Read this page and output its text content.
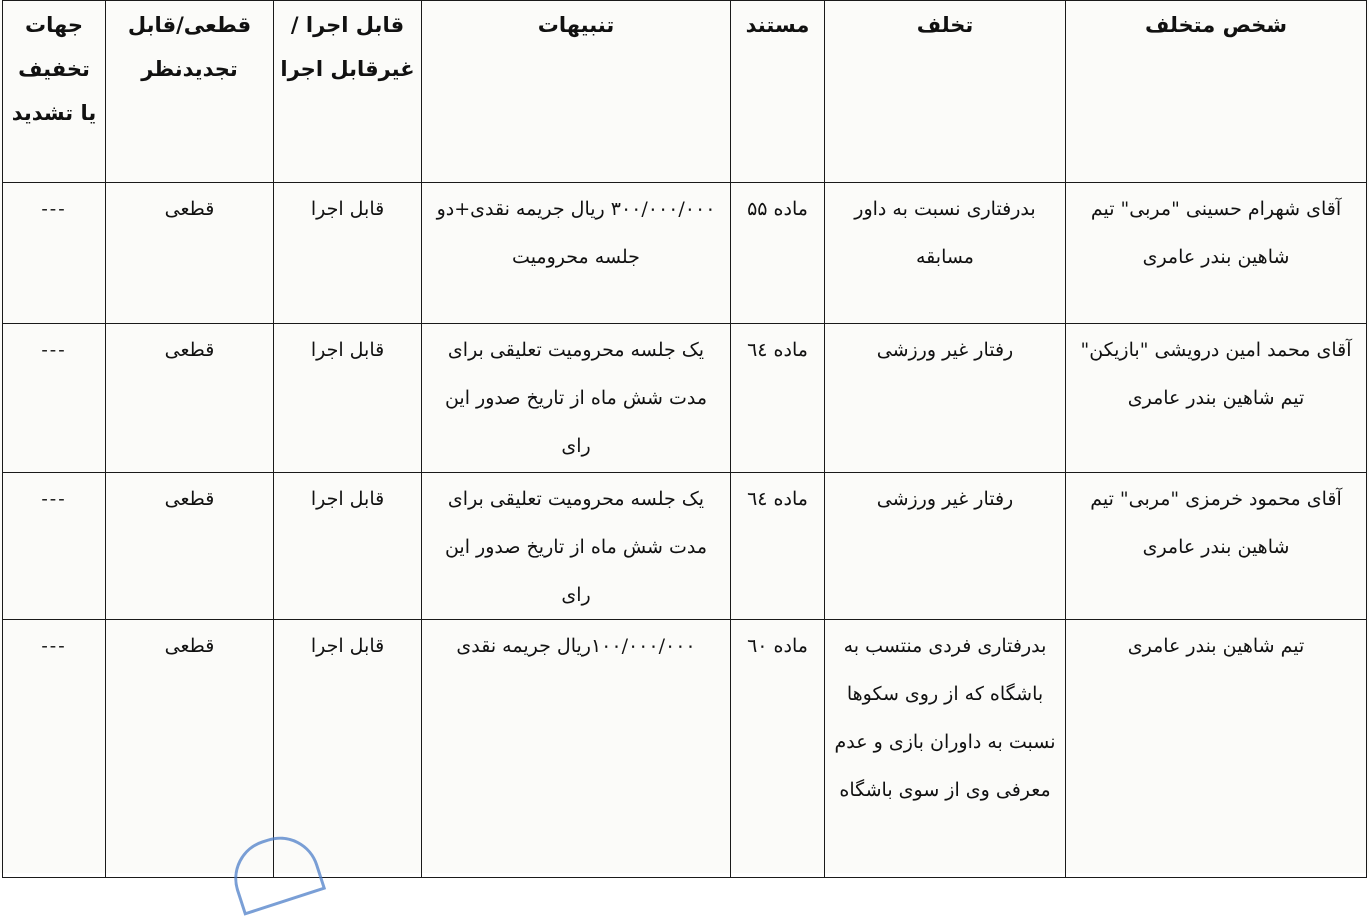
شخص متخلف	تخلف	مستند	تنبیهات	قابل اجرا /غیرقابل اجرا	قطعی/قابل تجدیدنظر	جهات تخفیف یا تشدید
آقای شهرام حسینی "مربی" تیم شاهین بندر عامری	بدرفتاری نسبت به داور مسابقه	ماده ۵۵	۳۰۰/۰۰۰/۰۰۰ ریال جریمه نقدی+دو جلسه محرومیت	قابل اجرا	قطعی	---
آقای محمد امین درویشی "بازیکن" تیم شاهین بندر عامری	رفتار غیر ورزشی	ماده ٦٤	یک جلسه محرومیت تعلیقی برای مدت شش ماه از تاریخ صدور این رای	قابل اجرا	قطعی	---
آقای محمود خرمزی "مربی" تیم شاهین بندر عامری	رفتار غیر ورزشی	ماده ٦٤	یک جلسه محرومیت تعلیقی برای مدت شش ماه از تاریخ صدور این رای	قابل اجرا	قطعی	---
تیم شاهین بندر عامری	بدرفتاری فردی منتسب به باشگاه که از روی سکوها نسبت به داوران بازی و عدم معرفی وی از سوی باشگاه	ماده ٦٠	۱۰۰/۰۰۰/۰۰۰ریال جریمه نقدی	قابل اجرا	قطعی	---
